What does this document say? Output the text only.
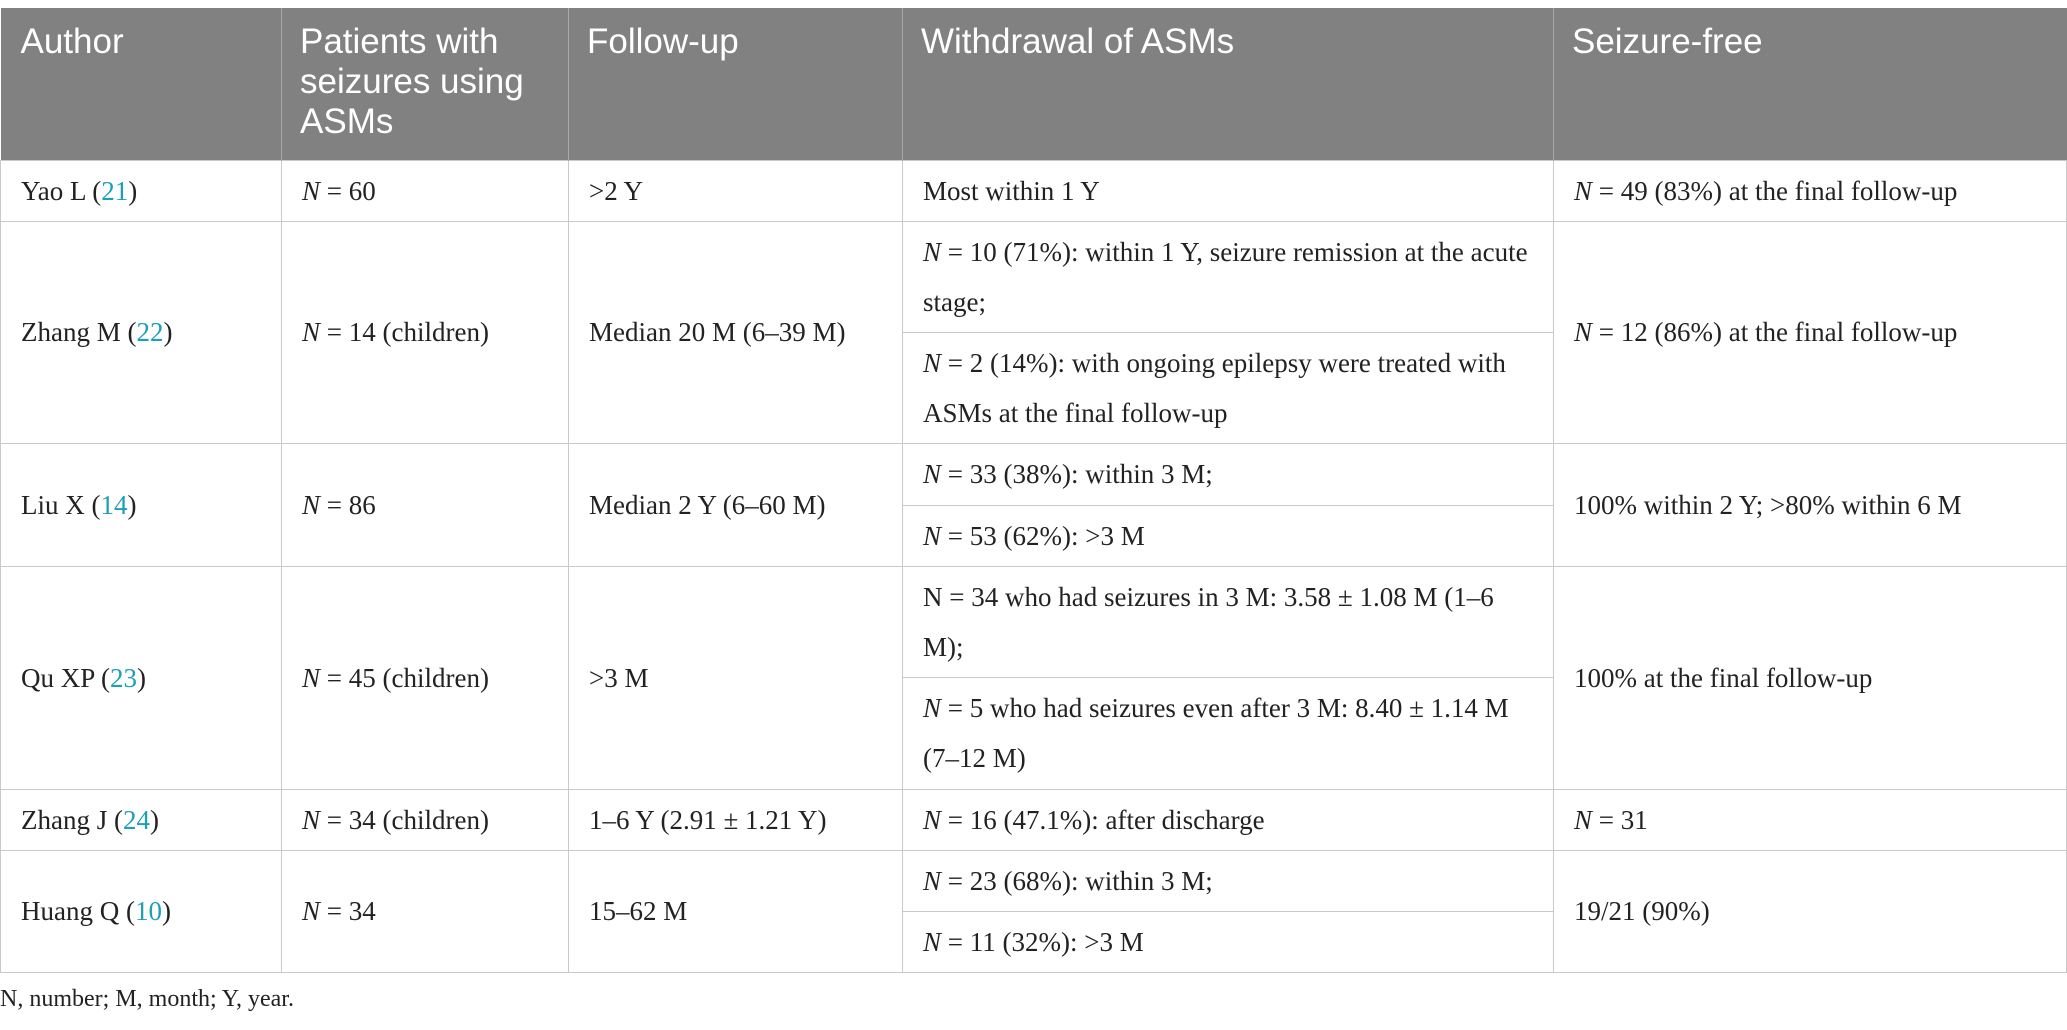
Author	Patients with seizures using ASMs	Follow-up	Withdrawal of ASMs	Seizure-free
Yao L (21)	N = 60	>2 Y	Most within 1 Y	N = 49 (83%) at the final follow-up
Zhang M (22)	N = 14 (children)	Median 20 M (6–39 M)	N = 10 (71%): within 1 Y, seizure remission at the acute stage;	N = 12 (86%) at the final follow-up
			N = 2 (14%): with ongoing epilepsy were treated with ASMs at the final follow-up	
Liu X (14)	N = 86	Median 2 Y (6–60 M)	N = 33 (38%): within 3 M;	100% within 2 Y; >80% within 6 M
			N = 53 (62%): >3 M	
Qu XP (23)	N = 45 (children)	>3 M	N = 34 who had seizures in 3 M: 3.58 ± 1.08 M (1–6 M);	100% at the final follow-up
			N = 5 who had seizures even after 3 M: 8.40 ± 1.14 M (7–12 M)	
Zhang J (24)	N = 34 (children)	1–6 Y (2.91 ± 1.21 Y)	N = 16 (47.1%): after discharge	N = 31
Huang Q (10)	N = 34	15–62 M	N = 23 (68%): within 3 M;	19/21 (90%)
			N = 11 (32%): >3 M	
N, number; M, month; Y, year.
